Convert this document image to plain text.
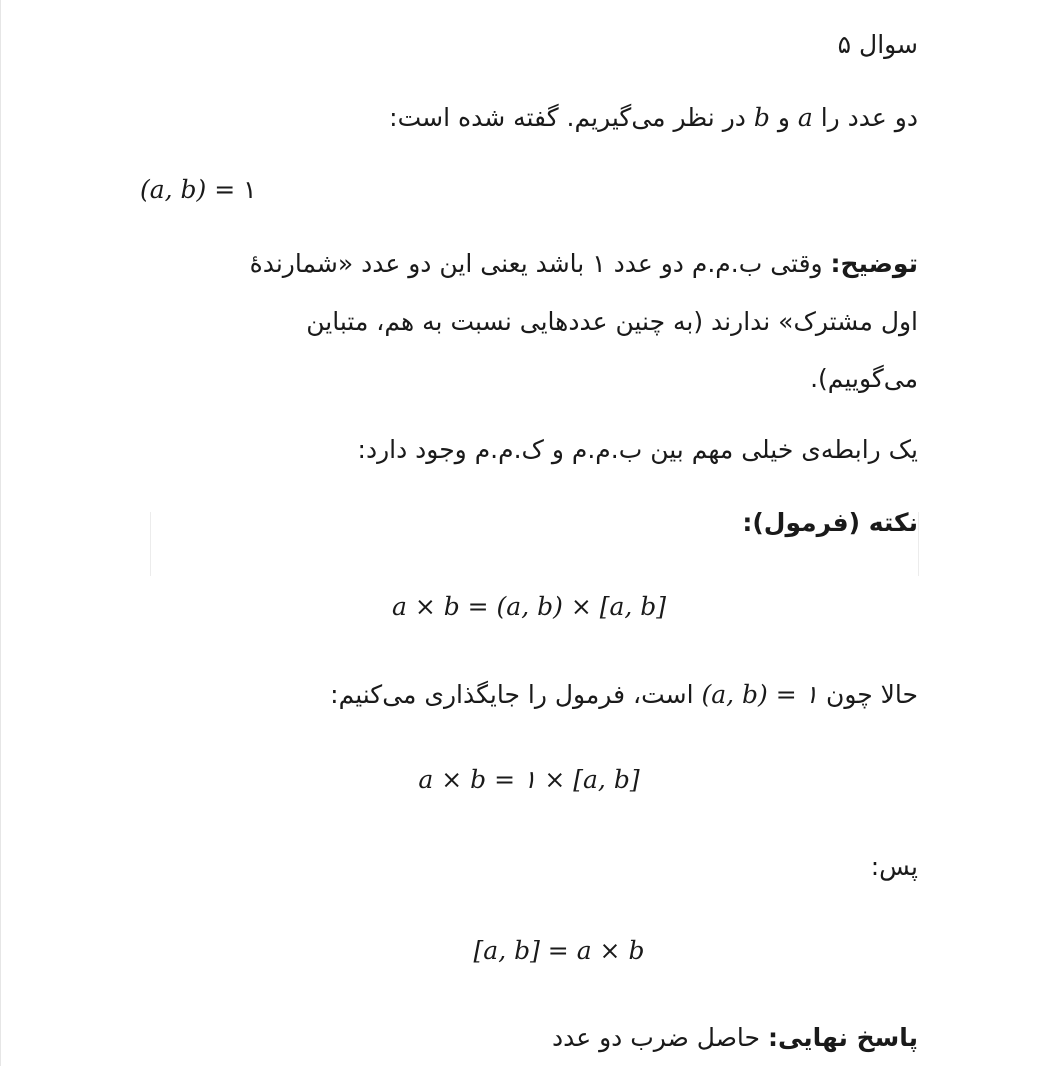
سوال ۵
دو عدد را a و b در نظر می‌گیریم. گفته شده است:
(a, b) = ۱
توضیح: وقتی ب.م.م دو عدد ۱ باشد یعنی این دو عدد «شمارندهٔ
اول مشترک» ندارند (به چنین عددهایی نسبت به هم، متباین
می‌گوییم).
یک رابطه‌ی خیلی مهم بین ب.م.م و ک.م.م وجود دارد:
نکته (فرمول):
a × b = (a, b) × [a, b]
حالا چون (a, b) = ۱ است، فرمول را جایگذاری می‌کنیم:
a × b = ۱ × [a, b]
پس:
[a, b] = a × b
پاسخ نهایی: حاصل ضرب دو عدد
